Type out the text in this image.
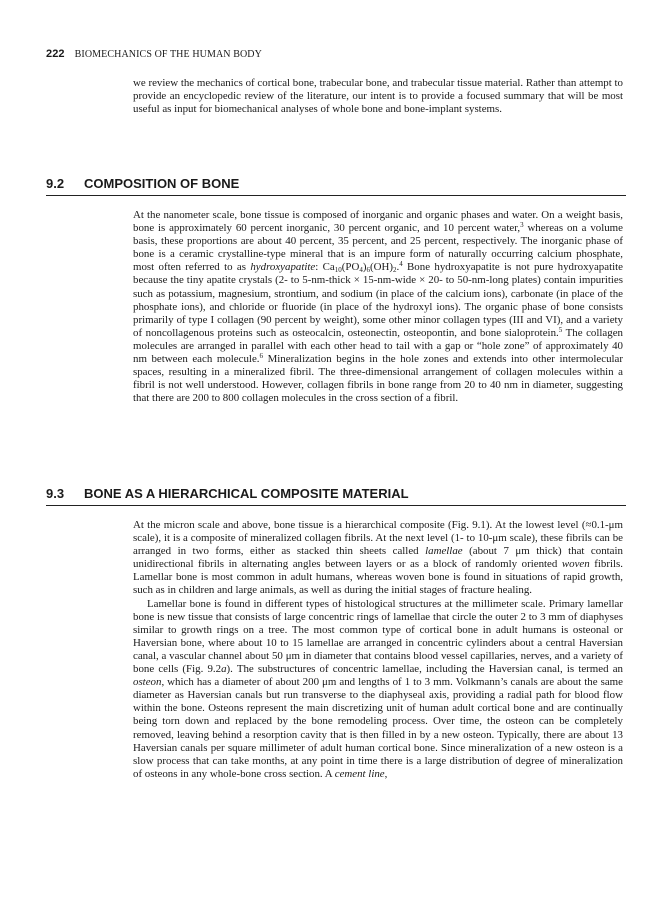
222 BIOMECHANICS OF THE HUMAN BODY

we review the mechanics of cortical bone, trabecular bone, and trabecular tissue material. Rather than attempt to provide an encyclopedic review of the literature, our intent is to provide a focused summary that will be most useful as input for biomechanical analyses of whole bone and bone-implant systems.

9.2 COMPOSITION OF BONE

At the nanometer scale, bone tissue is composed of inorganic and organic phases and water. On a weight basis, bone is approximately 60 percent inorganic, 30 percent organic, and 10 percent water,$^3$ whereas on a volume basis, these proportions are about 40 percent, 35 percent, and 25 percent, respectively. The inorganic phase of bone is a ceramic crystalline-type mineral that is an impure form of naturally occurring calcium phosphate, most often referred to as hydroxyapatite: $Ca_{10}(PO_4)_6(OH)_2.^4$ Bone hydroxyapatite is not pure hydroxyapatite because the tiny apatite crystals (2- to 5-nm-thick × 15-nm-wide × 20- to 50-nm-long plates) contain impurities such as potassium, magnesium, strontium, and sodium (in place of the calcium ions), carbonate (in place of the phosphate ions), and chloride or fluoride (in place of the hydroxyl ions). The organic phase of bone consists primarily of type I collagen (90 percent by weight), some other minor collagen types (III and VI), and a variety of noncollagenous proteins such as osteocalcin, osteonectin, osteopontin, and bone sialoprotein.$^5$ The collagen molecules are arranged in parallel with each other head to tail with a gap or “hole zone” of approximately 40 nm between each molecule.$^6$ Mineralization begins in the hole zones and extends into other intermolecular spaces, resulting in a mineralized fibril. The three-dimensional arrangement of collagen molecules within a fibril is not well understood. However, collagen fibrils in bone range from 20 to 40 nm in diameter, suggesting that there are 200 to 800 collagen molecules in the cross section of a fibril.

9.3 BONE AS A HIERARCHICAL COMPOSITE MATERIAL

At the micron scale and above, bone tissue is a hierarchical composite (Fig. 9.1). At the lowest level (≈0.1-μm scale), it is a composite of mineralized collagen fibrils. At the next level (1- to 10-μm scale), these fibrils can be arranged in two forms, either as stacked thin sheets called lamellae (about 7 μm thick) that contain unidirectional fibrils in alternating angles between layers or as a block of randomly oriented woven fibrils. Lamellar bone is most common in adult humans, whereas woven bone is found in situations of rapid growth, such as in children and large animals, as well as during the initial stages of fracture healing.

Lamellar bone is found in different types of histological structures at the millimeter scale. Primary lamellar bone is new tissue that consists of large concentric rings of lamellae that circle the outer 2 to 3 mm of diaphyses similar to growth rings on a tree. The most common type of cortical bone in adult humans is osteonal or Haversian bone, where about 10 to 15 lamellae are arranged in concentric cylinders about a central Haversian canal, a vascular channel about 50 μm in diameter that contains blood vessel capillaries, nerves, and a variety of bone cells (Fig. 9.2a). The substructures of concentric lamellae, including the Haversian canal, is termed an osteon, which has a diameter of about 200 μm and lengths of 1 to 3 mm. Volkmann’s canals are about the same diameter as Haversian canals but run transverse to the diaphyseal axis, providing a radial path for blood flow within the bone. Osteons represent the main discretizing unit of human adult cortical bone and are continually being torn down and replaced by the bone remodeling process. Over time, the osteon can be completely removed, leaving behind a resorption cavity that is then filled in by a new osteon. Typically, there are about 13 Haversian canals per square millimeter of adult human cortical bone. Since mineralization of a new osteon is a slow process that can take months, at any point in time there is a large distribution of degree of mineralization of osteons in any whole-bone cross section. A cement line,
